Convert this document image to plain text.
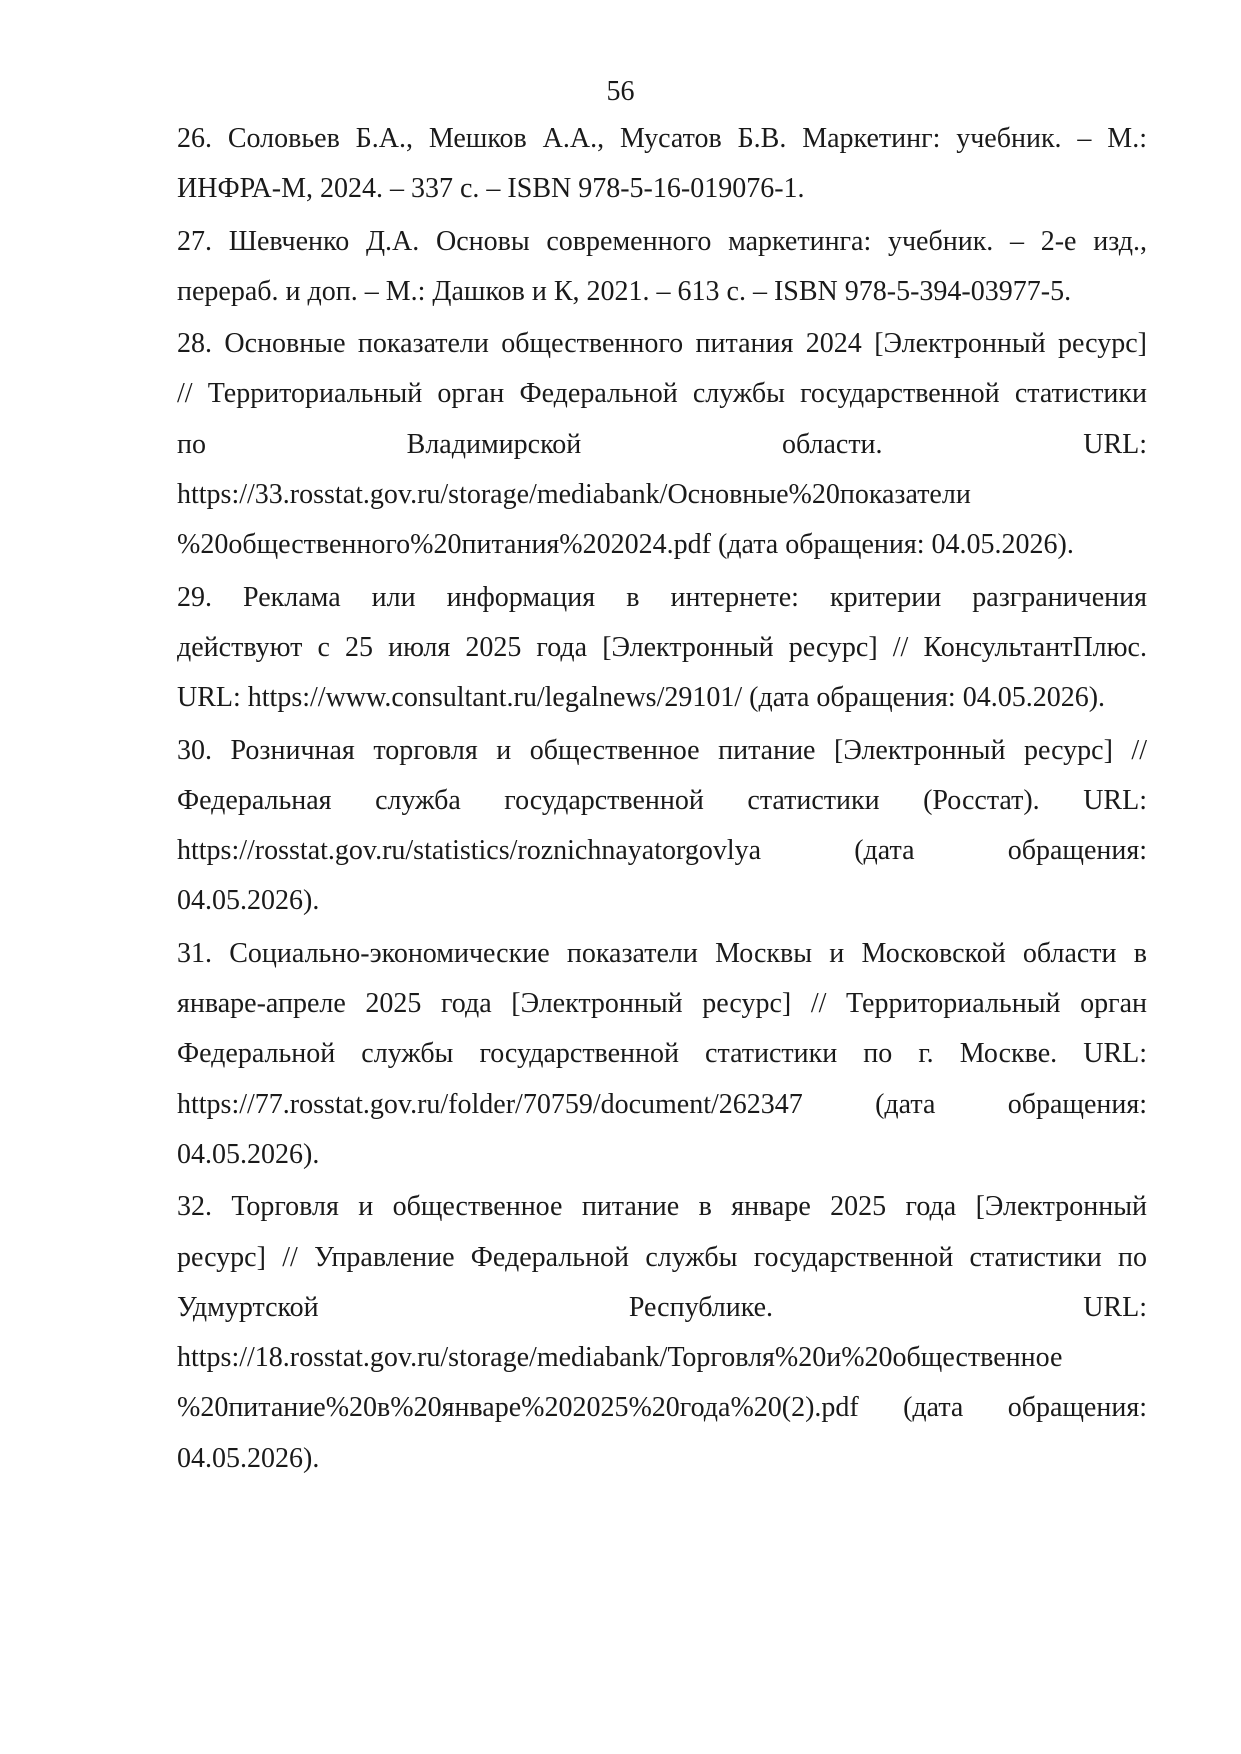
56
26. Соловьев Б.А., Мешков А.А., Мусатов Б.В. Маркетинг: учебник. – М.:
ИНФРА-М, 2024. – 337 с. – ISBN 978-5-16-019076-1.
27. Шевченко Д.А. Основы современного маркетинга: учебник. – 2-е изд.,
перераб. и доп. – М.: Дашков и К, 2021. – 613 с. – ISBN 978-5-394-03977-5.
28. Основные показатели общественного питания 2024 [Электронный ресурс]
// Территориальный орган Федеральной службы государственной статистики
по Владимирской области. URL:
https://33.rosstat.gov.ru/storage/mediabank/Основные%20показатели
%20общественного%20питания%202024.pdf (дата обращения: 04.05.2026).
29. Реклама или информация в интернете: критерии разграничения
действуют с 25 июля 2025 года [Электронный ресурс] // КонсультантПлюс.
URL: https://www.consultant.ru/legalnews/29101/ (дата обращения: 04.05.2026).
30. Розничная торговля и общественное питание [Электронный ресурс] //
Федеральная служба государственной статистики (Росстат). URL:
https://rosstat.gov.ru/statistics/roznichnayatorgovlya (дата обращения:
04.05.2026).
31. Социально-экономические показатели Москвы и Московской области в
январе-апреле 2025 года [Электронный ресурс] // Территориальный орган
Федеральной службы государственной статистики по г. Москве. URL:
https://77.rosstat.gov.ru/folder/70759/document/262347 (дата обращения:
04.05.2026).
32. Торговля и общественное питание в январе 2025 года [Электронный
ресурс] // Управление Федеральной службы государственной статистики по
Удмуртской Республике. URL:
https://18.rosstat.gov.ru/storage/mediabank/Торговля%20и%20общественное
%20питание%20в%20январе%202025%20года%20(2).pdf (дата обращения:
04.05.2026).
